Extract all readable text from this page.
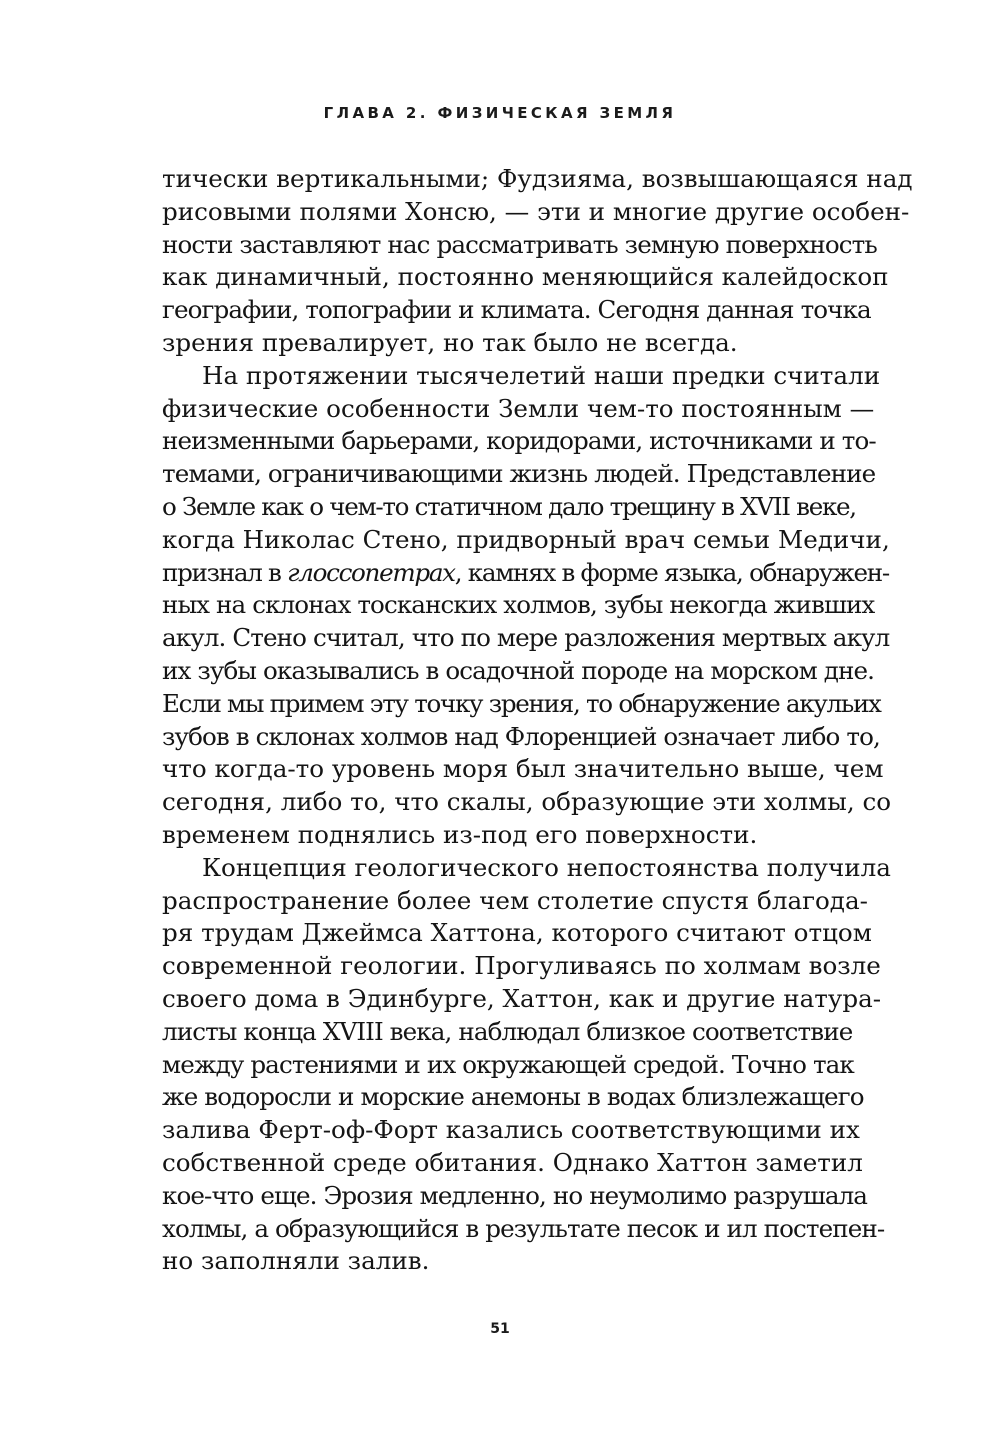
ГЛАВА 2. ФИЗИЧЕСКАЯ ЗЕМЛЯ
тически вертикальными; Фудзияма, возвышающаяся над
рисовыми полями Хонсю, — эти и многие другие особен-
ности заставляют нас рассматривать земную поверхность
как динамичный, постоянно меняющийся калейдоскоп
географии, топографии и климата. Сегодня данная точка
зрения превалирует, но так было не всегда.
На протяжении тысячелетий наши предки считали
физические особенности Земли чем-то постоянным —
неизменными барьерами, коридорами, источниками и то-
темами, ограничивающими жизнь людей. Представление
о Земле как о чем-то статичном дало трещину в XVII веке,
когда Николас Стено, придворный врач семьи Медичи,
признал в глоссопетрах, камнях в форме языка, обнаружен-
ных на склонах тосканских холмов, зубы некогда живших
акул. Стено считал, что по мере разложения мертвых акул
их зубы оказывались в осадочной породе на морском дне.
Если мы примем эту точку зрения, то обнаружение акульих
зубов в склонах холмов над Флоренцией означает либо то,
что когда-то уровень моря был значительно выше, чем
сегодня, либо то, что скалы, образующие эти холмы, со
временем поднялись из-под его поверхности.
Концепция геологического непостоянства получила
распространение более чем столетие спустя благода-
ря трудам Джеймса Хаттона, которого считают отцом
современной геологии. Прогуливаясь по холмам возле
своего дома в Эдинбурге, Хаттон, как и другие натура-
листы конца XVIII века, наблюдал близкое соответствие
между растениями и их окружающей средой. Точно так
же водоросли и морские анемоны в водах близлежащего
залива Ферт-оф-Форт казались соответствующими их
собственной среде обитания. Однако Хаттон заметил
кое-что еще. Эрозия медленно, но неумолимо разрушала
холмы, а образующийся в результате песок и ил постепен-
но заполняли залив.
51
